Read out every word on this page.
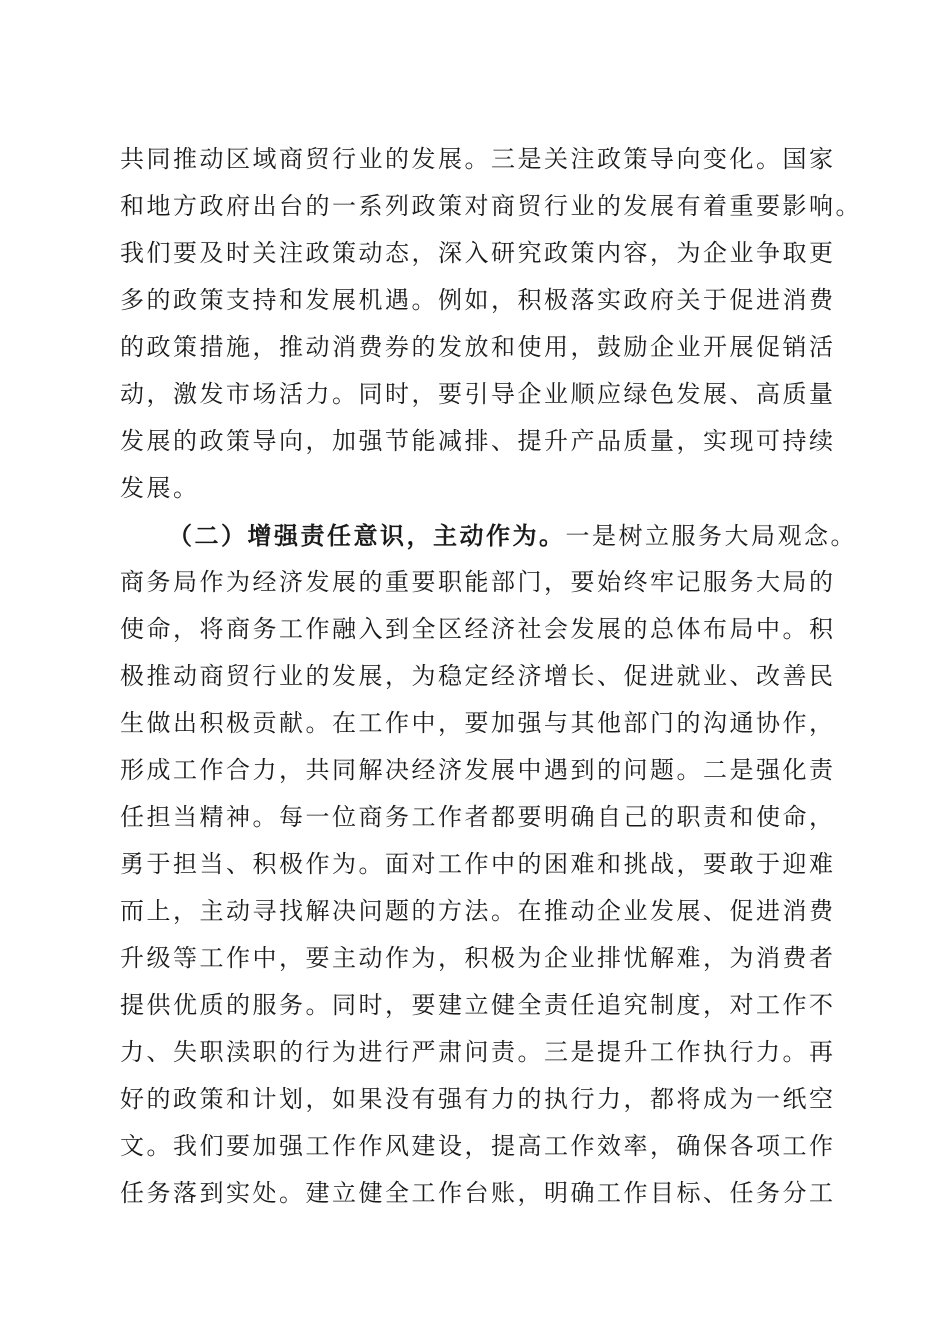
共同推动区域商贸行业的发展。三是关注政策导向变化。国家
和地方政府出台的一系列政策对商贸行业的发展有着重要影响。
我们要及时关注政策动态，深入研究政策内容，为企业争取更
多的政策支持和发展机遇。例如，积极落实政府关于促进消费
的政策措施，推动消费券的发放和使用，鼓励企业开展促销活
动，激发市场活力。同时，要引导企业顺应绿色发展、高质量
发展的政策导向，加强节能减排、提升产品质量，实现可持续
发展。
（二）增强责任意识，主动作为。一是树立服务大局观念。
商务局作为经济发展的重要职能部门，要始终牢记服务大局的
使命，将商务工作融入到全区经济社会发展的总体布局中。积
极推动商贸行业的发展，为稳定经济增长、促进就业、改善民
生做出积极贡献。在工作中，要加强与其他部门的沟通协作，
形成工作合力，共同解决经济发展中遇到的问题。二是强化责
任担当精神。每一位商务工作者都要明确自己的职责和使命，
勇于担当、积极作为。面对工作中的困难和挑战，要敢于迎难
而上，主动寻找解决问题的方法。在推动企业发展、促进消费
升级等工作中，要主动作为，积极为企业排忧解难，为消费者
提供优质的服务。同时，要建立健全责任追究制度，对工作不
力、失职渎职的行为进行严肃问责。三是提升工作执行力。再
好的政策和计划，如果没有强有力的执行力，都将成为一纸空
文。我们要加强工作作风建设，提高工作效率，确保各项工作
任务落到实处。建立健全工作台账，明确工作目标、任务分工
